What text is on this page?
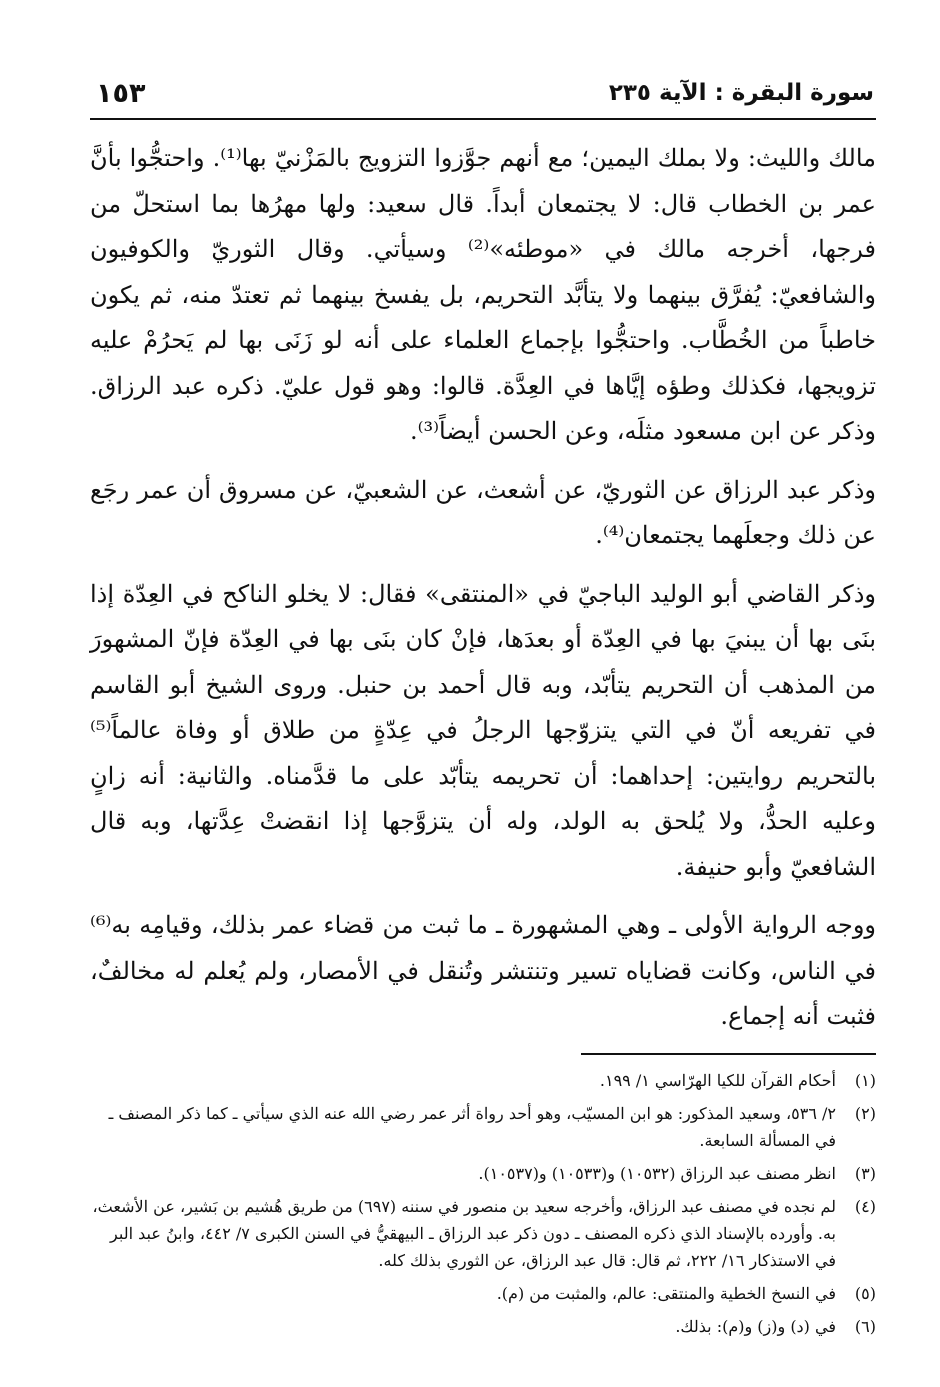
سورة البقرة : الآية ٢٣٥
١٥٣

مالك والليث: ولا بملك اليمين؛ مع أنهم جوَّزوا التزويج بالمَزْنيّ بها⁽¹⁾. واحتجُّوا بأنَّ عمر بن الخطاب قال: لا يجتمعان أبداً. قال سعيد: ولها مهرُها بما استحلّ من فرجها، أخرجه مالك في «موطئه»⁽²⁾ وسيأتي. وقال الثوريّ والكوفيون والشافعيّ: يُفرَّق بينهما ولا يتأبَّد التحريم، بل يفسخ بينهما ثم تعتدّ منه، ثم يكون خاطباً من الخُطَّاب. واحتجُّوا بإجماع العلماء على أنه لو زَنَى بها لم يَحرُمْ عليه تزويجها، فكذلك وطؤه إيَّاها في العِدَّة. قالوا: وهو قول عليّ. ذكره عبد الرزاق. وذكر عن ابن مسعود مثلَه، وعن الحسن أيضاً⁽³⁾.

وذكر عبد الرزاق عن الثوريّ، عن أشعث، عن الشعبيّ، عن مسروق أن عمر رجَع عن ذلك وجعلَهما يجتمعان⁽⁴⁾.

وذكر القاضي أبو الوليد الباجيّ في «المنتقى» فقال: لا يخلو الناكح في العِدّة إذا بنَى بها أن يبنيَ بها في العِدّة أو بعدَها، فإنْ كان بنَى بها في العِدّة فإنّ المشهورَ من المذهب أن التحريم يتأبّد، وبه قال أحمد بن حنبل. وروى الشيخ أبو القاسم في تفريعه أنّ في التي يتزوّجها الرجلُ في عِدّةٍ من طلاق أو وفاة عالماً⁽⁵⁾ بالتحريم روايتين: إحداهما: أن تحريمه يتأبّد على ما قدَّمناه. والثانية: أنه زانٍ وعليه الحدُّ، ولا يُلحق به الولد، وله أن يتزوَّجها إذا انقضتْ عِدَّتها، وبه قال الشافعيّ وأبو حنيفة.

ووجه الرواية الأولى ـ وهي المشهورة ـ ما ثبت من قضاء عمر بذلك، وقيامِه به⁽⁶⁾ في الناس، وكانت قضاياه تسير وتنتشر وتُنقل في الأمصار، ولم يُعلم له مخالفٌ، فثبت أنه إجماع.

(١)
أحكام القرآن للكيا الهرّاسي ١/ ١٩٩.
(٢)
٢/ ٥٣٦، وسعيد المذكور: هو ابن المسيّب، وهو أحد رواة أثر عمر رضي الله عنه الذي سيأتي ـ كما ذكر المصنف ـ في المسألة السابعة.
(٣)
انظر مصنف عبد الرزاق (١٠٥٣٢) و(١٠٥٣٣) و(١٠٥٣٧).
(٤)
لم نجده في مصنف عبد الرزاق، وأخرجه سعيد بن منصور في سننه (٦٩٧) من طريق هُشيم بن بَشير، عن الأشعث، به. وأورده بالإسناد الذي ذكره المصنف ـ دون ذكر عبد الرزاق ـ البيهقيُّ في السنن الكبرى ٧/ ٤٤٢، وابنُ عبد البر في الاستذكار ١٦/ ٢٢٢، ثم قال: قال عبد الرزاق، عن الثوري بذلك كله.
(٥)
في النسخ الخطية والمنتقى: عالم، والمثبت من (م).
(٦)
في (د) و(ز) و(م): بذلك.
